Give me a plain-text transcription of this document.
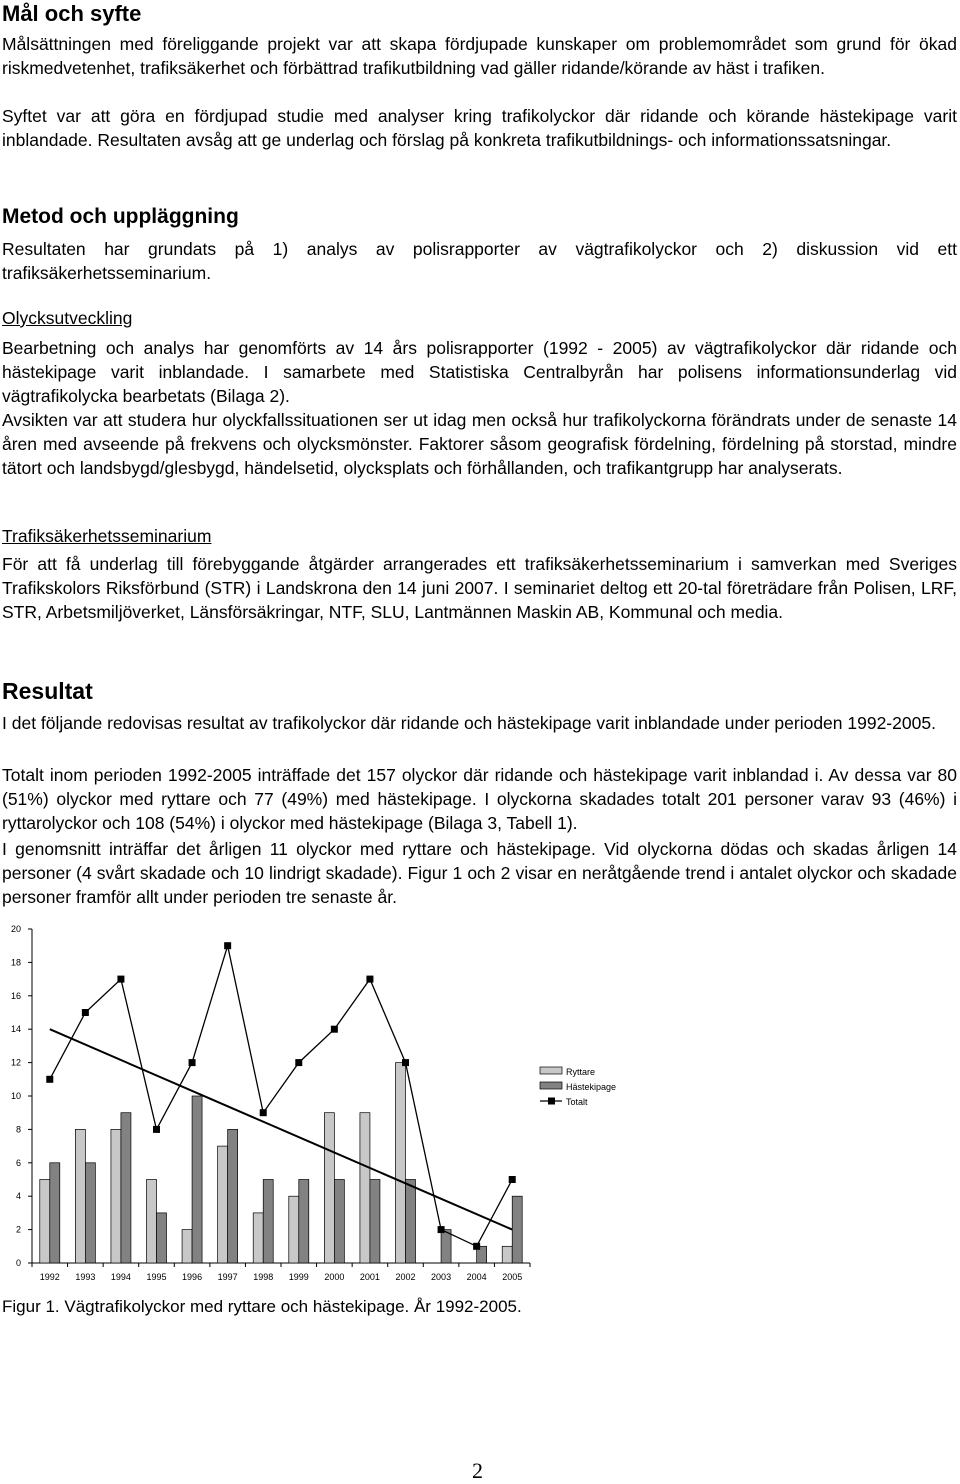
Mål och syfte
Målsättningen med föreliggande projekt var att skapa fördjupade kunskaper om problemområdet som grund för ökad riskmedvetenhet, trafiksäkerhet och förbättrad trafikutbildning vad gäller ridande/körande av häst i trafiken.
Syftet var att göra en fördjupad studie med analyser kring trafikolyckor där ridande och körande hästekipage varit inblandade. Resultaten avsåg att ge underlag och förslag på konkreta trafikutbildnings- och informationssatsningar.
Metod och uppläggning
Resultaten har grundats på 1) analys av polisrapporter av vägtrafikolyckor och 2) diskussion vid ett trafiksäkerhetsseminarium.
Olycksutveckling
Bearbetning och analys har genomförts av 14 års polisrapporter (1992 - 2005) av vägtrafikolyckor där ridande och hästekipage varit inblandade. I samarbete med Statistiska Centralbyrån har polisens informationsunderlag vid vägtrafikolycka bearbetats (Bilaga 2).
Avsikten var att studera hur olyckfallssituationen ser ut idag men också hur trafikolyckorna förändrats under de senaste 14 åren med avseende på frekvens och olycksmönster. Faktorer såsom geografisk fördelning, fördelning på storstad, mindre tätort och landsbygd/glesbygd, händelsetid, olycksplats och förhållanden, och trafikantgrupp har analyserats.
Trafiksäkerhetsseminarium
För att få underlag till förebyggande åtgärder arrangerades ett trafiksäkerhetsseminarium i samverkan med Sveriges Trafikskolors Riksförbund (STR) i Landskrona den 14 juni 2007. I seminariet deltog ett 20-tal företrädare från Polisen, LRF, STR, Arbetsmiljöverket, Länsförsäkringar, NTF, SLU, Lantmännen Maskin AB, Kommunal och media.
Resultat
I det följande redovisas resultat av trafikolyckor där ridande och hästekipage varit inblandade under perioden 1992-2005.
Totalt inom perioden 1992-2005 inträffade det 157 olyckor där ridande och hästekipage varit inblandad i. Av dessa var 80 (51%) olyckor med ryttare och 77 (49%) med hästekipage. I olyckorna skadades totalt 201 personer varav 93 (46%) i ryttarolyckor och 108 (54%) i olyckor med hästekipage (Bilaga 3, Tabell 1).
I genomsnitt inträffar det årligen 11 olyckor med ryttare och hästekipage. Vid olyckorna dödas och skadas årligen 14 personer (4 svårt skadade och 10 lindrigt skadade). Figur 1 och 2 visar en neråtgående trend i antalet olyckor och skadade personer framför allt under perioden tre senaste år.
0
2
4
6
8
10
12
14
16
18
20
1992 1993 1994 1995 1996 1997 1998 1999 2000 2001 2002 2003 2004 2005
Ryttare
Hästekipage
Totalt
Figur 1. Vägtrafikolyckor med ryttare och hästekipage. År 1992-2005.
2
